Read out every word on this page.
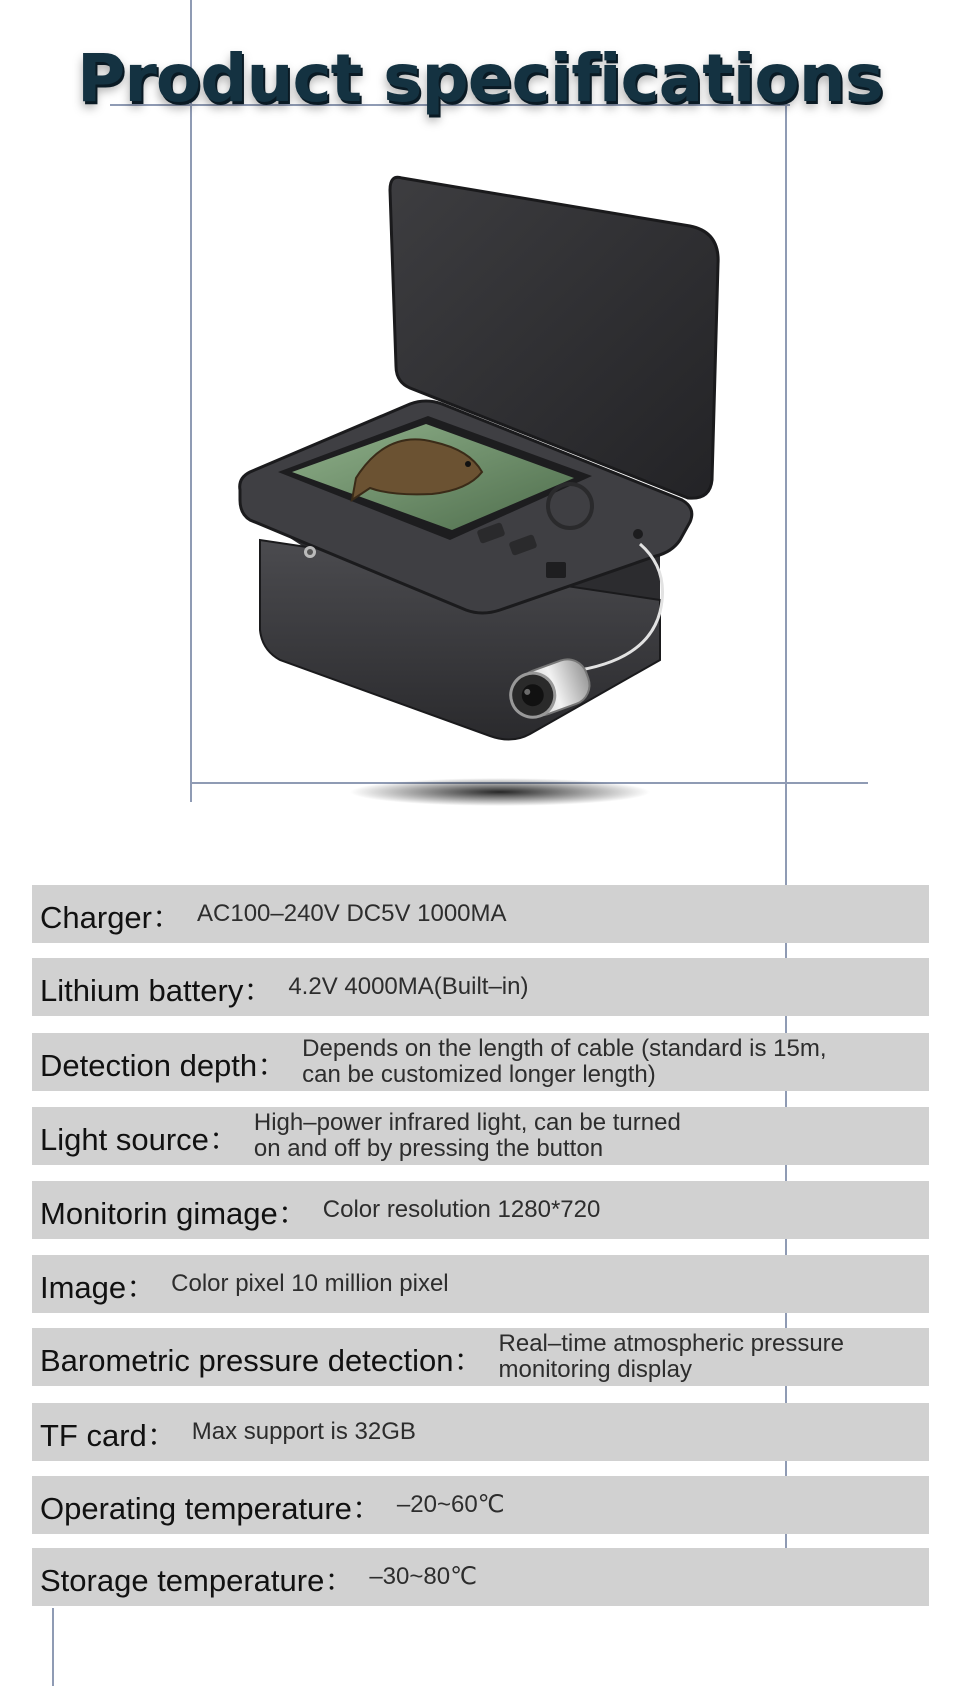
Product specifications
Charger： AC100–240V DC5V 1000MA
Lithium battery： 4.2V 4000MA(Built–in)
Detection depth： Depends on the length of cable (standard is 15m,
can be customized longer length)
Light source： High–power infrared light, can be turned
on and off by pressing the button
Monitorin gimage： Color resolution 1280*720
Image： Color pixel 10 million pixel
Barometric pressure detection： Real–time atmospheric pressure
monitoring display
TF card： Max support is 32GB
Operating temperature： –20~60℃
Storage temperature： –30~80℃
